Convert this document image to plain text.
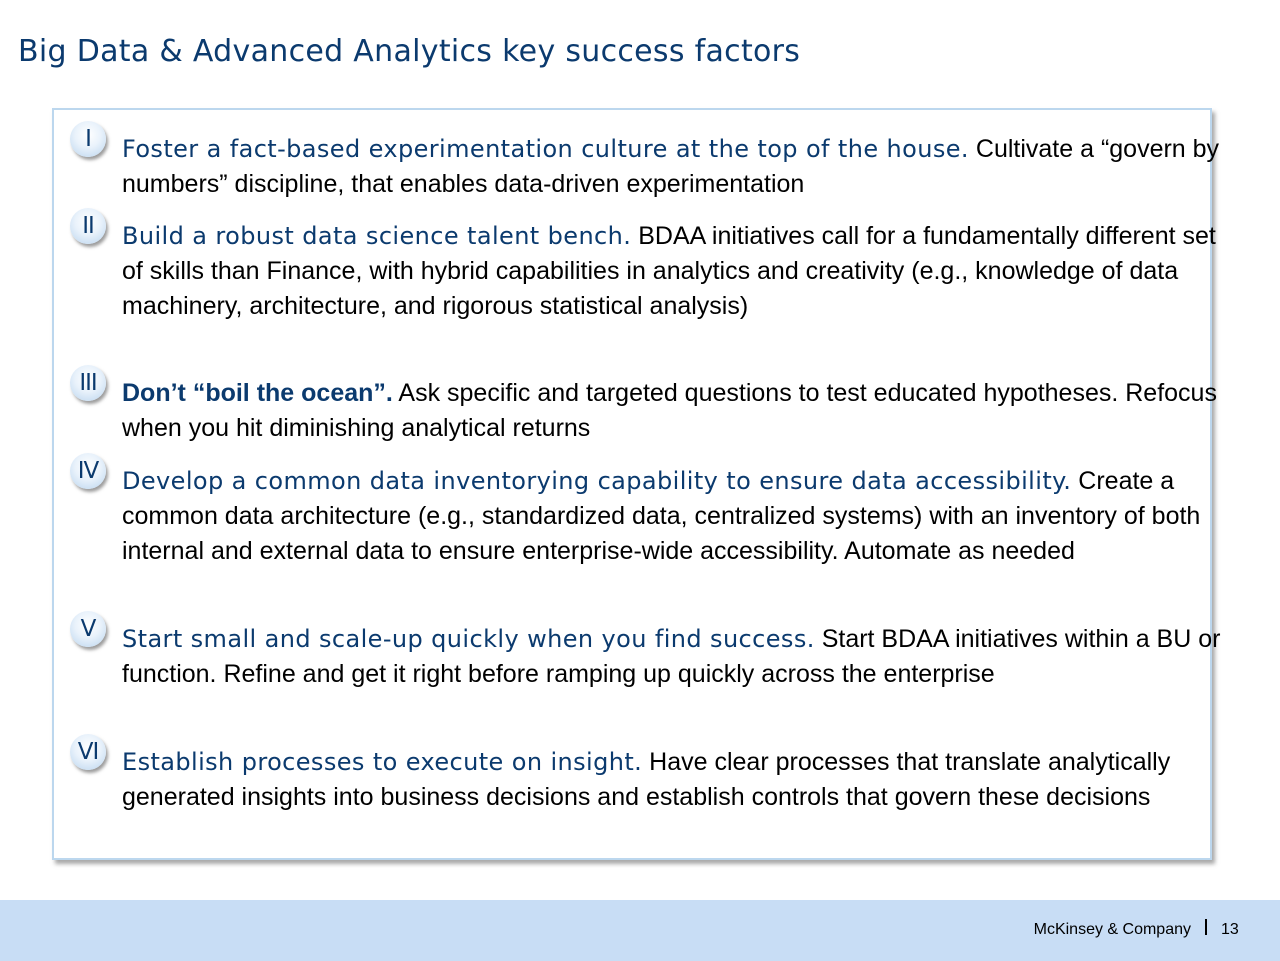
Big Data & Advanced Analytics key success factors
I	Foster a fact-based experimentation culture at the top of the house. Cultivate a “govern by numbers” discipline, that enables data-driven experimentation
II	Build a robust data science talent bench. BDAA initiatives call for a fundamentally different set of skills than Finance, with hybrid capabilities in analytics and creativity (e.g., knowledge of data machinery, architecture, and rigorous statistical analysis)
III	Don’t “boil the ocean”. Ask specific and targeted questions to test educated hypotheses. Refocus when you hit diminishing analytical returns
IV Develop a common data inventorying capability to ensure data accessibility. Create a common data architecture (e.g., standardized data, centralized systems) with an inventory of both internal and external data to ensure enterprise-wide accessibility. Automate as needed
V	Start small and scale-up quickly when you find success. Start BDAA initiatives within a BU or function. Refine and get it right before ramping up quickly across the enterprise
VI Establish processes to execute on insight. Have clear processes that translate analytically generated insights into business decisions and establish controls that govern these decisions
McKinsey & Company 13
